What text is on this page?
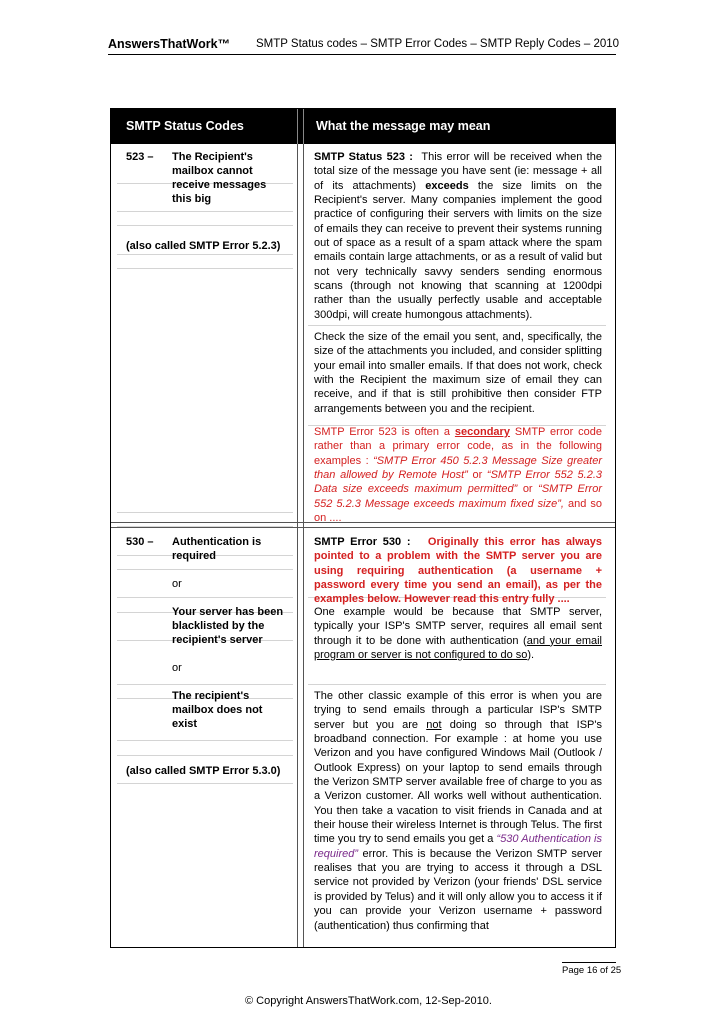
AnswersThatWork™ SMTP Status codes – SMTP Error Codes – SMTP Reply Codes – 2010
SMTP Status Codes	What the message may mean
523 – The Recipient's
mailbox cannot
receive messages
this big
(also called SMTP Error 5.2.3)
SMTP Status 523 : This error will be received when the total size of the message you have sent (ie: message + all of its attachments) exceeds the size limits on the Recipient's server. Many companies implement the good practice of configuring their servers with limits on the size of emails they can receive to prevent their systems running out of space as a result of a spam attack where the spam emails contain large attachments, or as a result of valid but not very technically savvy senders sending enormous scans (through not knowing that scanning at 1200dpi rather than the usually perfectly usable and acceptable 300dpi, will create humongous attachments).
Check the size of the email you sent, and, specifically, the size of the attachments you included, and consider splitting your email into smaller emails. If that does not work, check with the Recipient the maximum size of email they can receive, and if that is still prohibitive then consider FTP arrangements between you and the recipient.
SMTP Error 523 is often a secondary SMTP error code rather than a primary error code, as in the following examples : “SMTP Error 450 5.2.3 Message Size greater than allowed by Remote Host” or “SMTP Error 552 5.2.3 Data size exceeds maximum permitted” or “SMTP Error 552 5.2.3 Message exceeds maximum fixed size”, and so on ....
530 – Authentication is
required
or
Your server has been
blacklisted by the
recipient's server
or
The recipient's
mailbox does not
exist
(also called SMTP Error 5.3.0)
SMTP Error 530 : Originally this error has always pointed to a problem with the SMTP server you are using requiring authentication (a username + password every time you send an email), as per the examples below. However read this entry fully ....
One example would be because that SMTP server, typically your ISP's SMTP server, requires all email sent through it to be done with authentication (and your email program or server is not configured to do so).
The other classic example of this error is when you are trying to send emails through a particular ISP's SMTP server but you are not doing so through that ISP's broadband connection. For example : at home you use Verizon and you have configured Windows Mail (Outlook / Outlook Express) on your laptop to send emails through the Verizon SMTP server available free of charge to you as a Verizon customer. All works well without authentication. You then take a vacation to visit friends in Canada and at their house their wireless Internet is through Telus. The first time you try to send emails you get a “530 Authentication is required” error. This is because the Verizon SMTP server realises that you are trying to access it through a DSL service not provided by Verizon (your friends' DSL service is provided by Telus) and it will only allow you to access it if you can provide your Verizon username + password (authentication) thus confirming that
Page 16 of 25
© Copyright AnswersThatWork.com, 12-Sep-2010.
